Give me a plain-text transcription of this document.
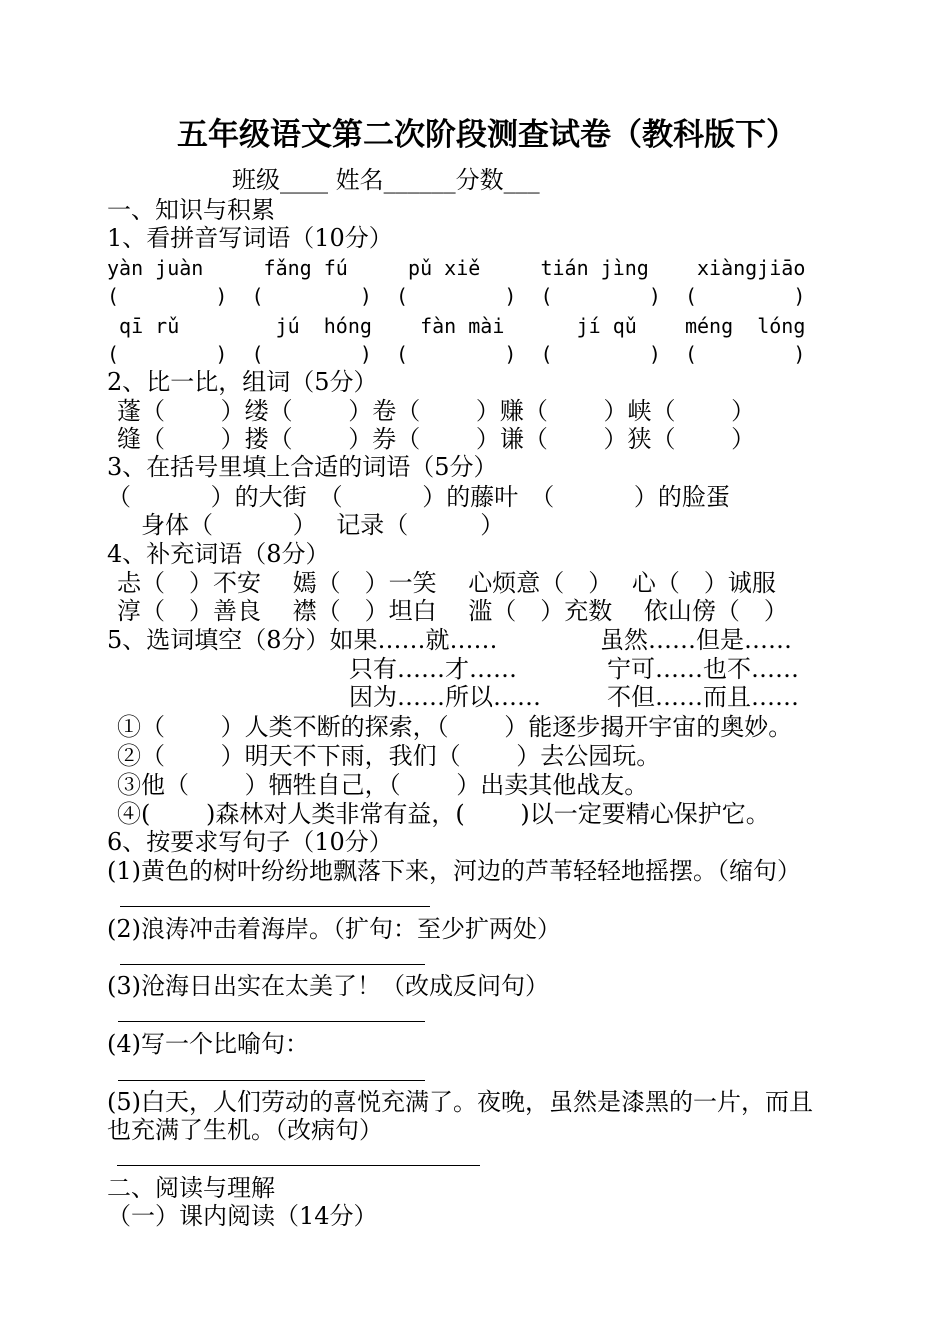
五年级语文第二次阶段测查试卷（教科版下）
班级____ 姓名______分数___
一、知识与积累
1、看拼音写词语（10分）
yàn juàn     fǎng fú     pǔ xiě     tián jìng    xiàngjiāo
(        )  (        )  (        )  (        )  (        )
qī rǔ        jú  hóng    fàn mài      jí qǔ    méng  lóng
(        )  (        )  (        )  (        )  (        )
2、比一比，组词（5分）
蓬（　　 ）缕（　　 ）卷（　　 ）赚（　　 ）峡（　　 ）
缝（　　 ）搂（　　 ）券（　　 ）谦（　　 ）狭（　　 ）
3、在括号里填上合适的词语（5分）
（　　　 ）的大街　（　　　 ）的藤叶　（　　　 ）的脸蛋
身体（　　　 ）　 记录（　　　）
4、补充词语（8分）
忐（　）不安　 嫣（　）一笑　 心烦意（　）　 心（　）诚服
淳（　）善良　 襟（　）坦白　 滥（　）充数　 依山傍（　）
5、选词填空（8分）如果……就……	虽然……但是……
只有……才……	宁可……也不……
因为……所以……	不但……而且……
①（　　 ）人类不断的探索，（　　 ）能逐步揭开宇宙的奥妙。
②（　　 ）明天不下雨，我们（　　 ）去公园玩。
③他（　　 ）牺牲自己，（　　 ）出卖其他战友。
④(　　 )森林对人类非常有益，(　　 )以一定要精心保护它。
6、按要求写句子（10分）
(1)黄色的树叶纷纷地飘落下来，河边的芦苇轻轻地摇摆。（缩句）
(2)浪涛冲击着海岸。（扩句：至少扩两处）
(3)沧海日出实在太美了！（改成反问句）
(4)写一个比喻句：
(5)白天，人们劳动的喜悦充满了。夜晚，虽然是漆黑的一片，而且
也充满了生机。（改病句）
二、阅读与理解
（一）课内阅读（14分）
